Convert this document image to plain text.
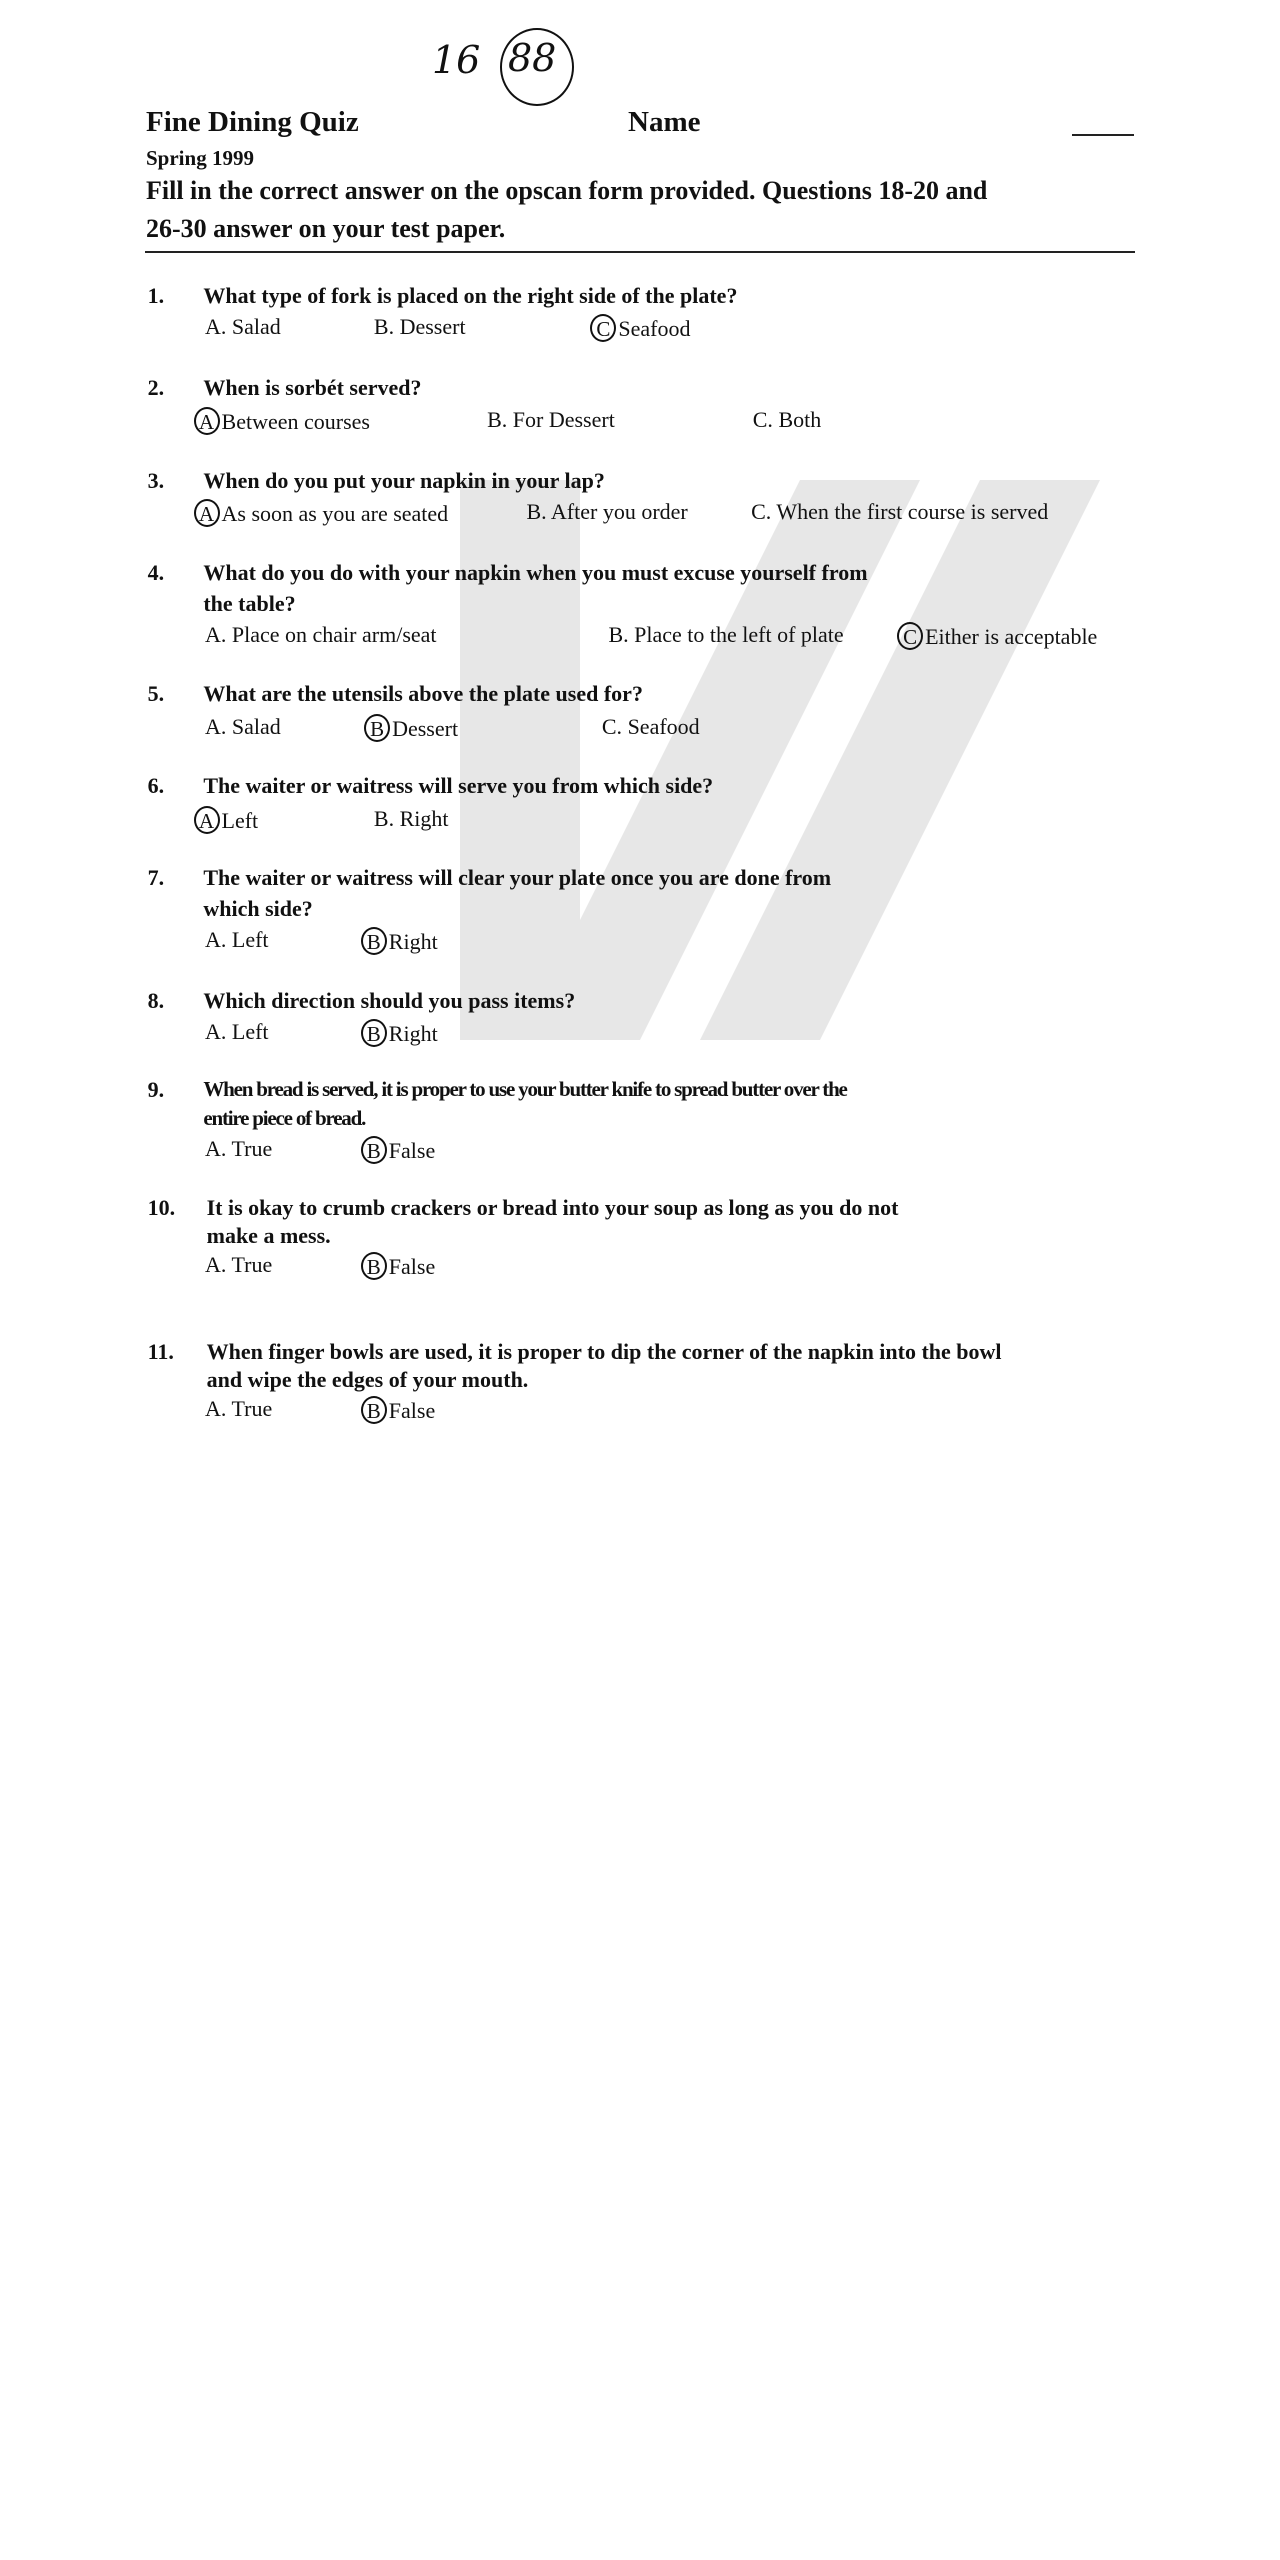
16 88
Fine Dining Quiz	Name
Spring 1999
Fill in the correct answer on the opscan form provided. Questions 18-20 and
26-30 answer on your test paper.
1. What type of fork is placed on the right side of the plate?
A. Salad	B. Dessert	C Seafood
2. When is sorbét served?
A Between courses	B. For Dessert	C. Both
3. When do you put your napkin in your lap?
A As soon as you are seated	B. After you order	C. When the first course is served
4. What do you do with your napkin when you must excuse yourself from
the table?
A. Place on chair arm/seat	B. Place to the left of plate	C Either is acceptable
5. What are the utensils above the plate used for?
A. Salad	B Dessert	C. Seafood
6. The waiter or waitress will serve you from which side?
A Left	B. Right
7. The waiter or waitress will clear your plate once you are done from
which side?
A. Left	B Right
8. Which direction should you pass items?
A. Left	B Right
9. When bread is served, it is proper to use your butter knife to spread butter over the
entire piece of bread.
A. True	B False
10. It is okay to crumb crackers or bread into your soup as long as you do not
make a mess.
A. True	B False
11. When finger bowls are used, it is proper to dip the corner of the napkin into the bowl
and wipe the edges of your mouth.
A. True	B False
